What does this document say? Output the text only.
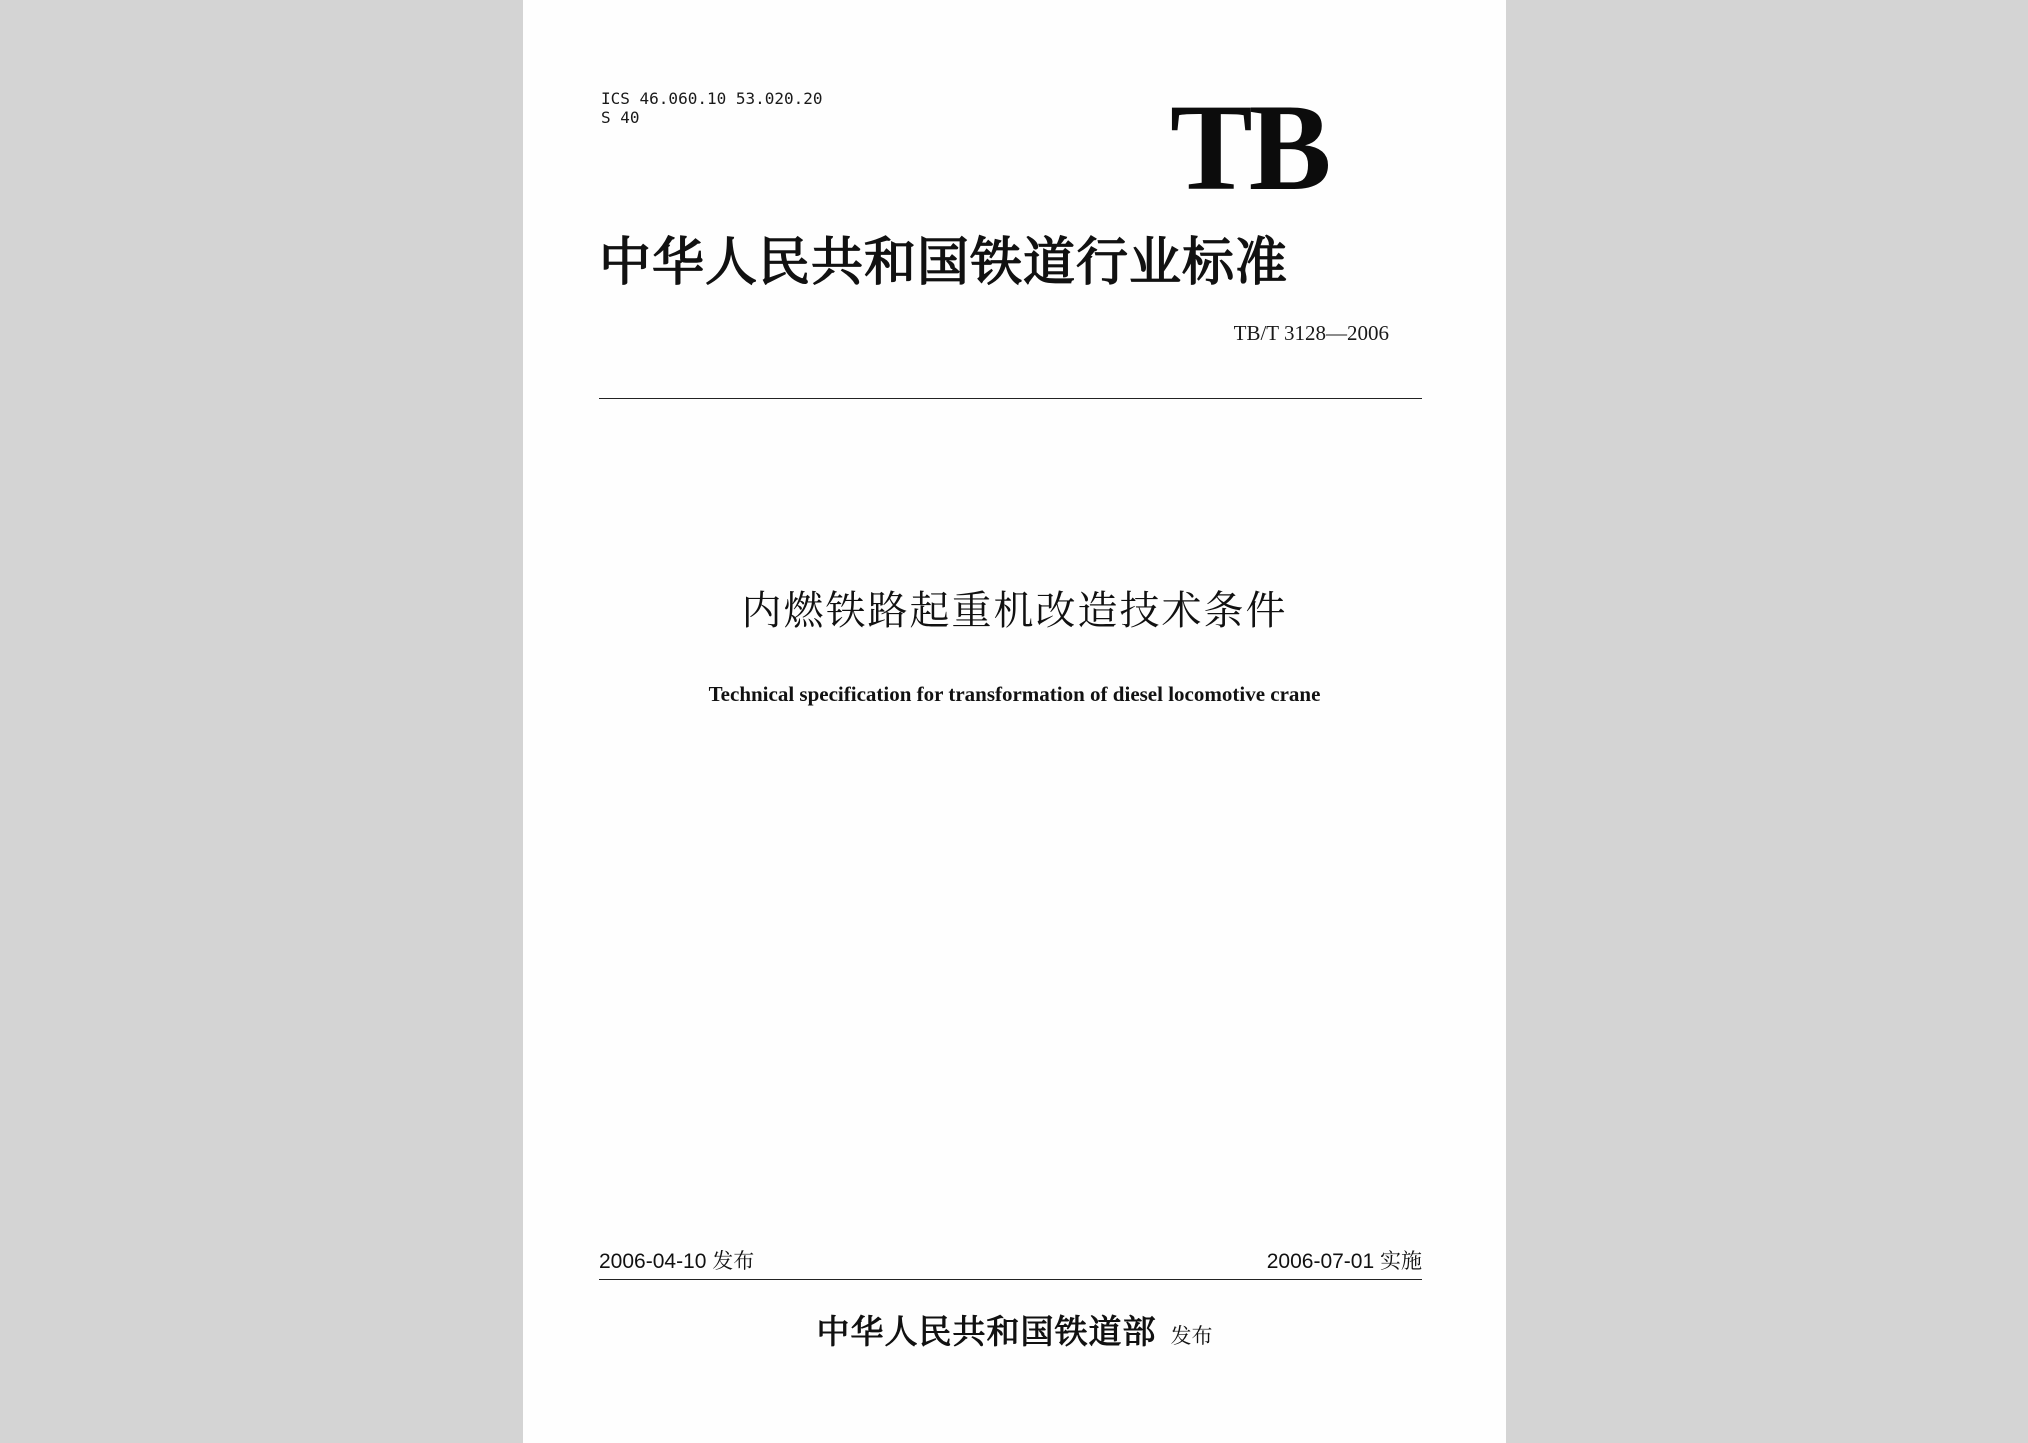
ICS 46.060.10 53.020.20
S 40	TB
中华人民共和国铁道行业标准
TB/T 3128—2006
内燃铁路起重机改造技术条件
Technical specification for transformation of diesel locomotive crane
2006-04-10 发布	2006-07-01 实施
中华人民共和国铁道部 发布
